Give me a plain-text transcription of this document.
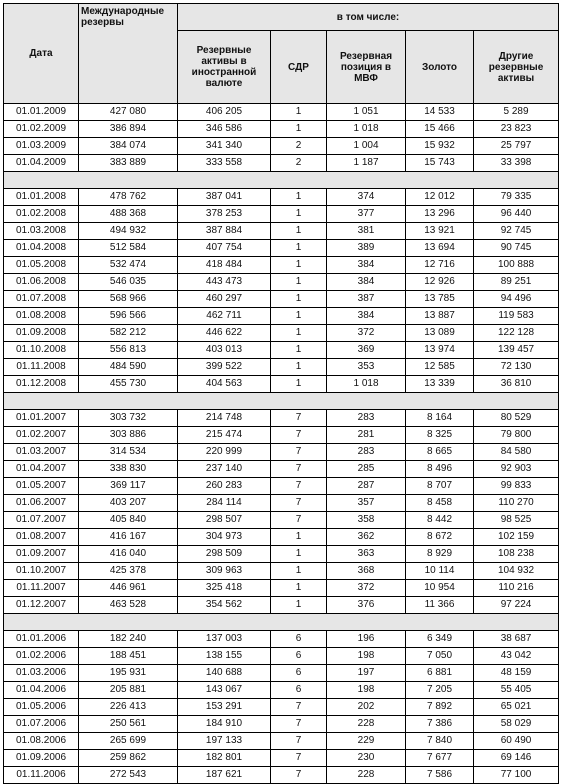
Дата	Международные резервы	в том числе:				
		Резервные активы в иностранной валюте	СДР	Резервная позиция в МВФ	Золото	Другие резервные активы
01.01.2009	427 080	406 205	1	1 051	14 533	5 289
01.02.2009	386 894	346 586	1	1 018	15 466	23 823
01.03.2009	384 074	341 340	2	1 004	15 932	25 797
01.04.2009	383 889	333 558	2	1 187	15 743	33 398

01.01.2008	478 762	387 041	1	374	12 012	79 335
01.02.2008	488 368	378 253	1	377	13 296	96 440
01.03.2008	494 932	387 884	1	381	13 921	92 745
01.04.2008	512 584	407 754	1	389	13 694	90 745
01.05.2008	532 474	418 484	1	384	12 716	100 888
01.06.2008	546 035	443 473	1	384	12 926	89 251
01.07.2008	568 966	460 297	1	387	13 785	94 496
01.08.2008	596 566	462 711	1	384	13 887	119 583
01.09.2008	582 212	446 622	1	372	13 089	122 128
01.10.2008	556 813	403 013	1	369	13 974	139 457
01.11.2008	484 590	399 522	1	353	12 585	72 130
01.12.2008	455 730	404 563	1	1 018	13 339	36 810

01.01.2007	303 732	214 748	7	283	8 164	80 529
01.02.2007	303 886	215 474	7	281	8 325	79 800
01.03.2007	314 534	220 999	7	283	8 665	84 580
01.04.2007	338 830	237 140	7	285	8 496	92 903
01.05.2007	369 117	260 283	7	287	8 707	99 833
01.06.2007	403 207	284 114	7	357	8 458	110 270
01.07.2007	405 840	298 507	7	358	8 442	98 525
01.08.2007	416 167	304 973	1	362	8 672	102 159
01.09.2007	416 040	298 509	1	363	8 929	108 238
01.10.2007	425 378	309 963	1	368	10 114	104 932
01.11.2007	446 961	325 418	1	372	10 954	110 216
01.12.2007	463 528	354 562	1	376	11 366	97 224

01.01.2006	182 240	137 003	6	196	6 349	38 687
01.02.2006	188 451	138 155	6	198	7 050	43 042
01.03.2006	195 931	140 688	6	197	6 881	48 159
01.04.2006	205 881	143 067	6	198	7 205	55 405
01.05.2006	226 413	153 291	7	202	7 892	65 021
01.07.2006	250 561	184 910	7	228	7 386	58 029
01.08.2006	265 699	197 133	7	229	7 840	60 490
01.09.2006	259 862	182 801	7	230	7 677	69 146
01.11.2006	272 543	187 621	7	228	7 586	77 100
